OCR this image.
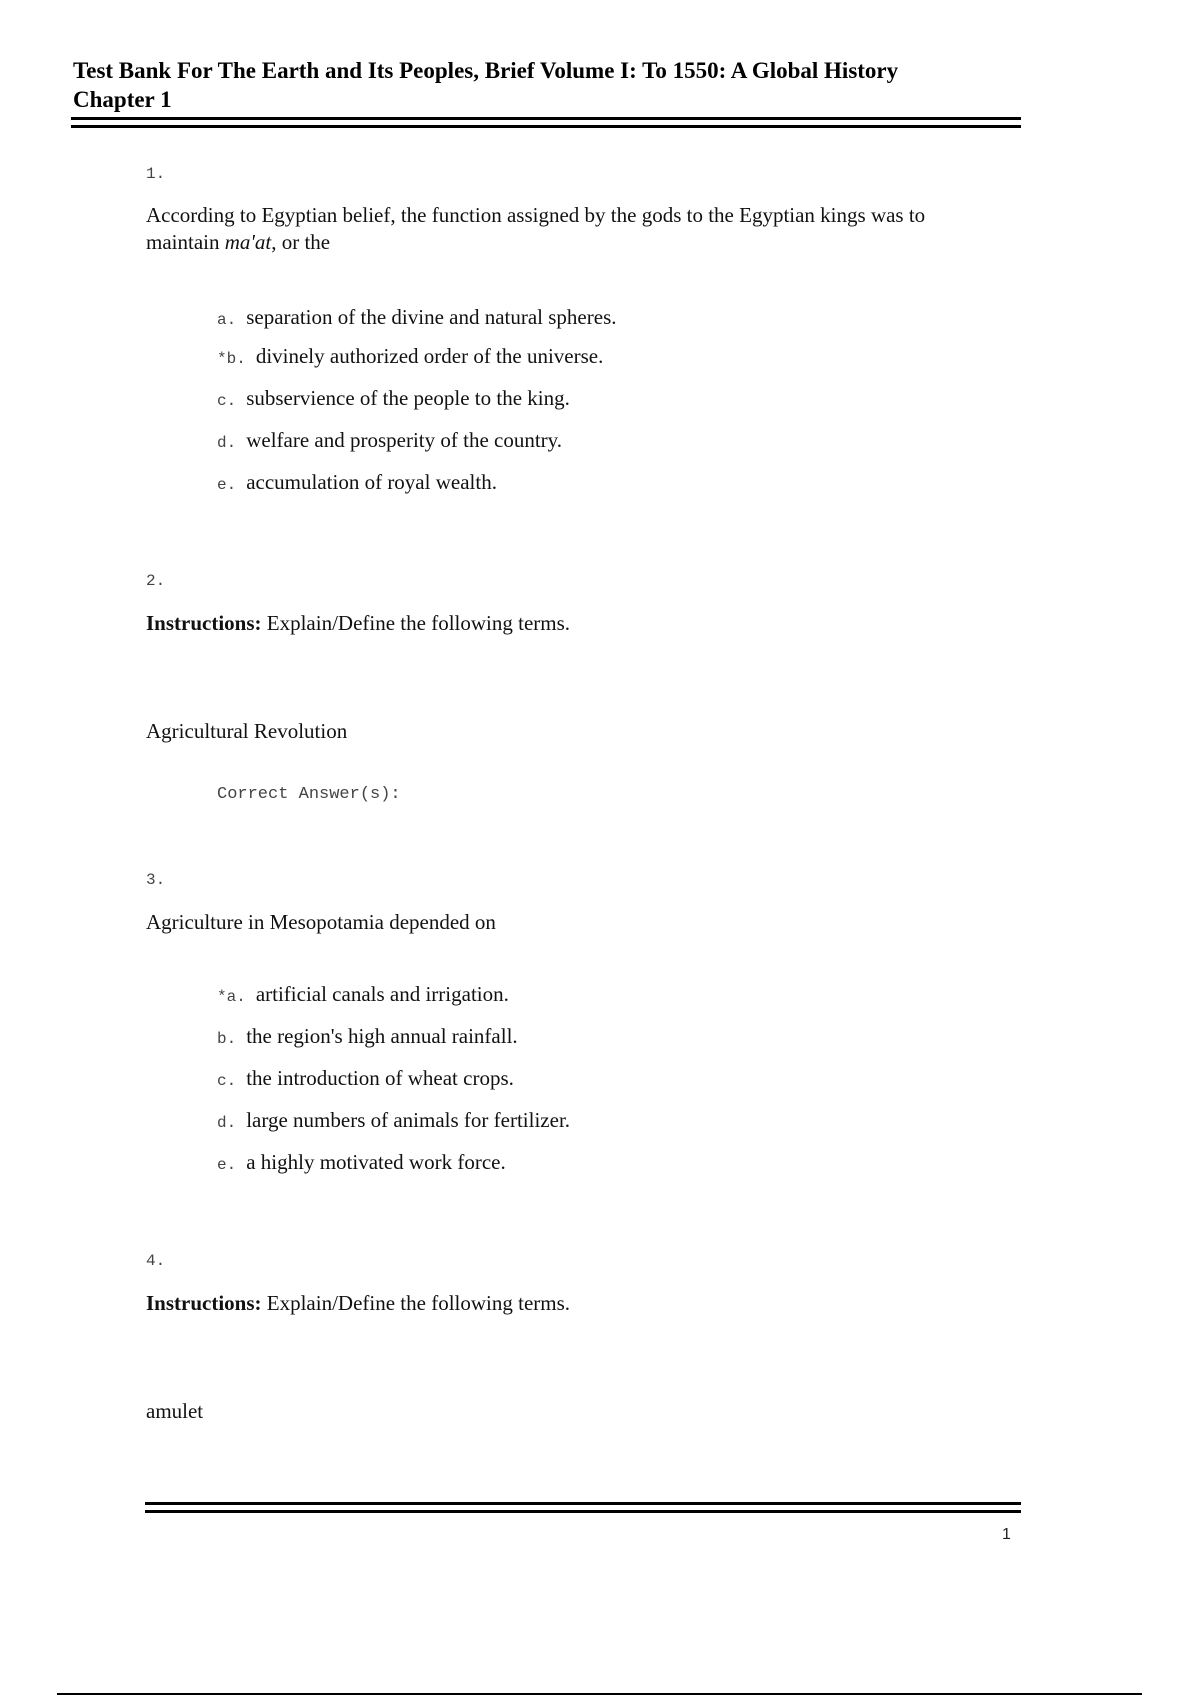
Test Bank For The Earth and Its Peoples, Brief Volume I: To 1550: A Global History
Chapter 1
1.
According to Egyptian belief, the function assigned by the gods to the Egyptian kings was to maintain ma'at, or the
a. separation of the divine and natural spheres.
*b. divinely authorized order of the universe.
c. subservience of the people to the king.
d. welfare and prosperity of the country.
e. accumulation of royal wealth.
2.
Instructions: Explain/Define the following terms.
Agricultural Revolution
Correct Answer(s):
3.
Agriculture in Mesopotamia depended on
*a. artificial canals and irrigation.
b. the region's high annual rainfall.
c. the introduction of wheat crops.
d. large numbers of animals for fertilizer.
e. a highly motivated work force.
4.
Instructions: Explain/Define the following terms.
amulet
1
